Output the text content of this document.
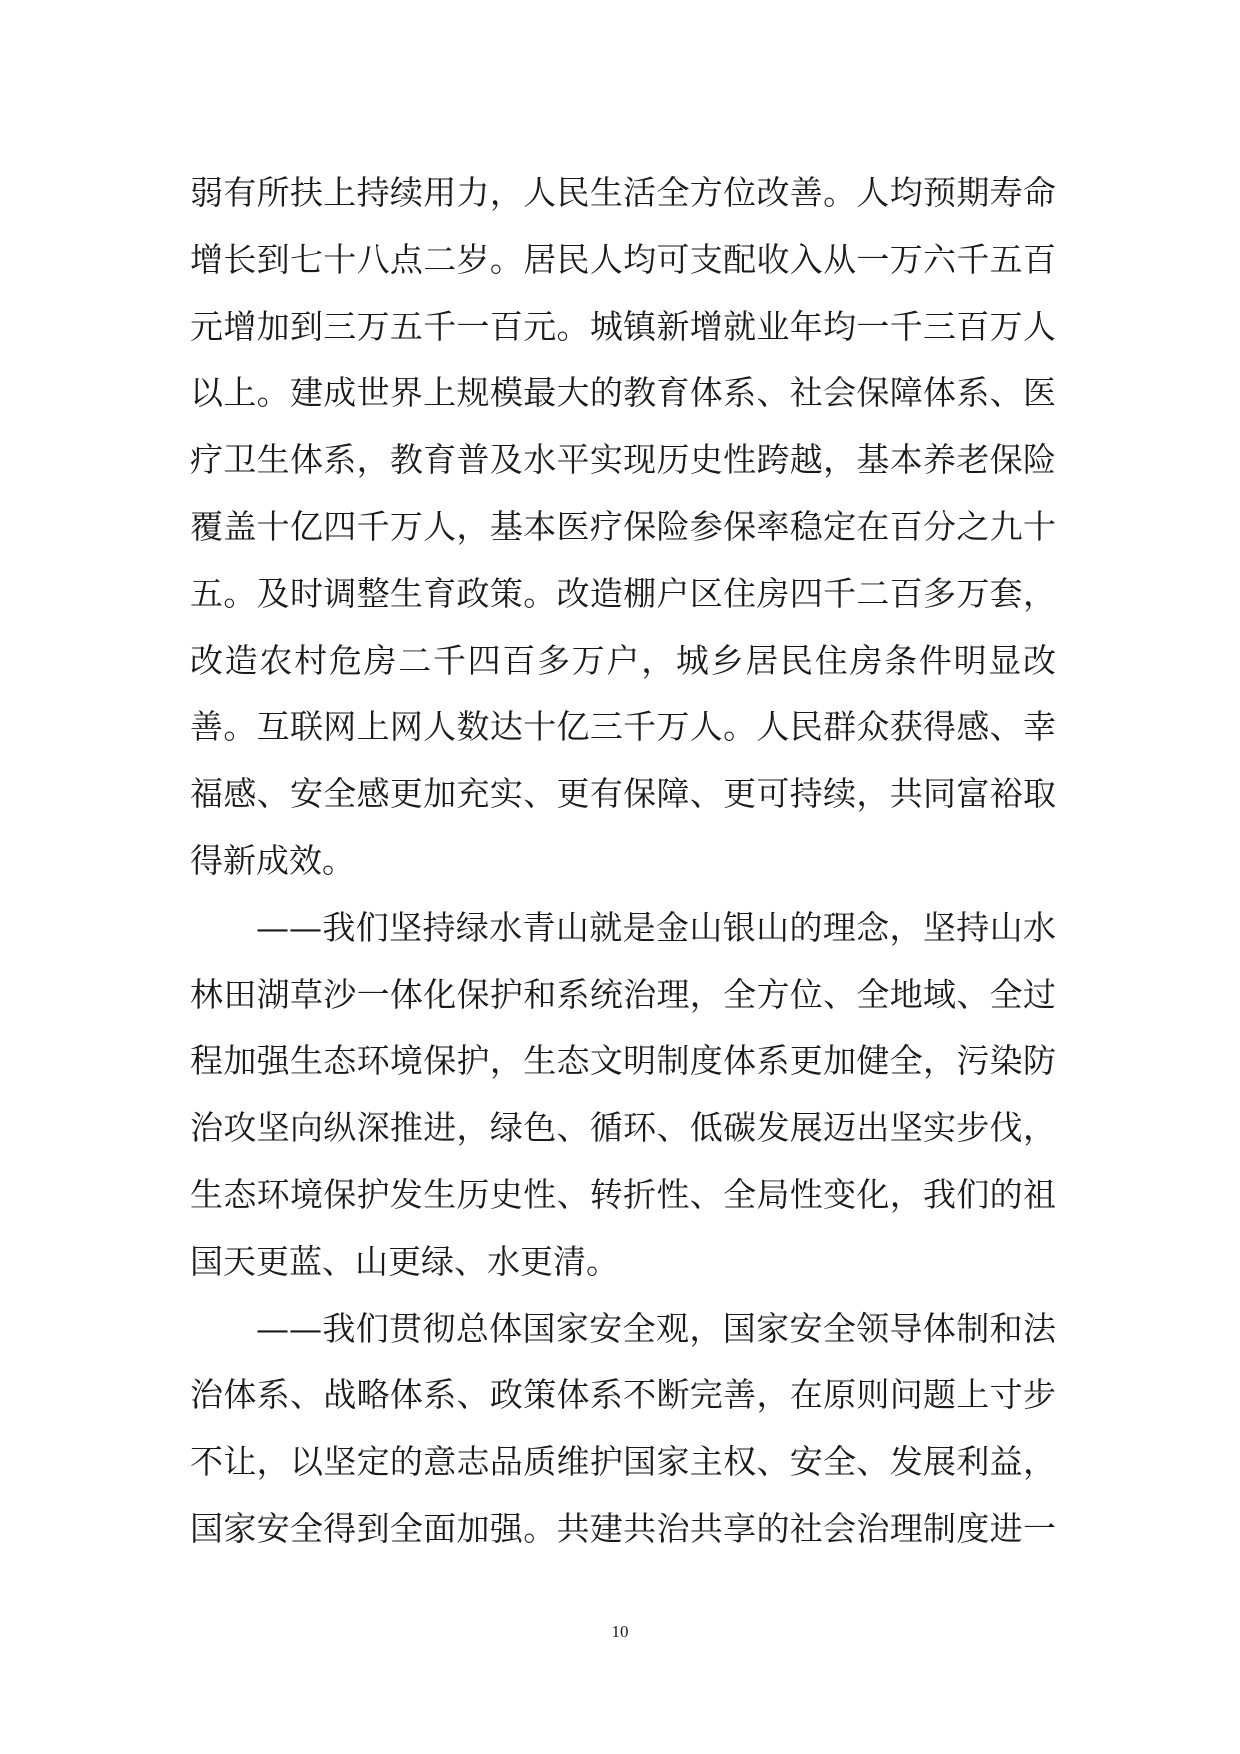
弱有所扶上持续用力，人民生活全方位改善。人均预期寿命
增长到七十八点二岁。居民人均可支配收入从一万六千五百
元增加到三万五千一百元。城镇新增就业年均一千三百万人
以上。建成世界上规模最大的教育体系、社会保障体系、医
疗卫生体系，教育普及水平实现历史性跨越，基本养老保险
覆盖十亿四千万人，基本医疗保险参保率稳定在百分之九十
五。及时调整生育政策。改造棚户区住房四千二百多万套，
改造农村危房二千四百多万户，城乡居民住房条件明显改
善。互联网上网人数达十亿三千万人。人民群众获得感、幸
福感、安全感更加充实、更有保障、更可持续，共同富裕取
得新成效。
——我们坚持绿水青山就是金山银山的理念，坚持山水
林田湖草沙一体化保护和系统治理，全方位、全地域、全过
程加强生态环境保护，生态文明制度体系更加健全，污染防
治攻坚向纵深推进，绿色、循环、低碳发展迈出坚实步伐，
生态环境保护发生历史性、转折性、全局性变化，我们的祖
国天更蓝、山更绿、水更清。
——我们贯彻总体国家安全观，国家安全领导体制和法
治体系、战略体系、政策体系不断完善，在原则问题上寸步
不让，以坚定的意志品质维护国家主权、安全、发展利益，
国家安全得到全面加强。共建共治共享的社会治理制度进一
10
